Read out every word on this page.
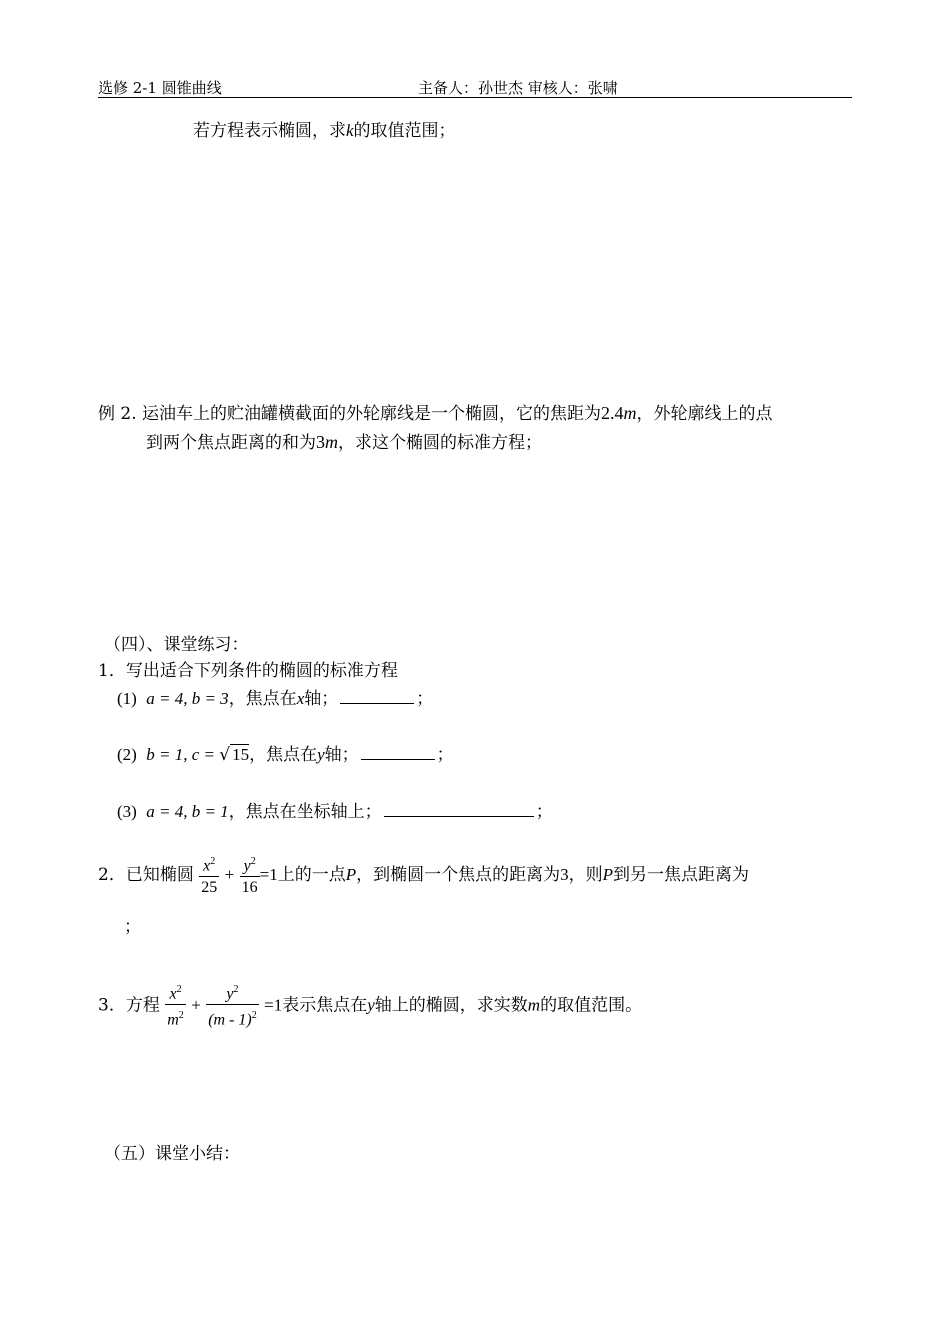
选修 2-1 圆锥曲线	主备人：孙世杰 审核人：张啸
若方程表示椭圆，求k的取值范围；
例 2. 运油车上的贮油罐横截面的外轮廓线是一个椭圆，它的焦距为2.4m，外轮廓线上的点
到两个焦点距离的和为3m，求这个椭圆的标准方程；
（四）、课堂练习：
1．写出适合下列条件的椭圆的标准方程
(1) a = 4, b = 3，焦点在x轴；	；
(2) b = 1, c = √ 15，焦点在y轴；	；
(3) a = 4, b = 1，焦点在坐标轴上；	；
2．已知椭圆 $\frac{x^2}{25} + \frac{y^2}{16} =1$上的一点P，到椭圆一个焦点的距离为3，则P到另一焦点距离为
；
3．方程 $\frac{x^2}{m^2} + \frac{y^2}{(m - 1)^2} =1$表示焦点在y轴上的椭圆，求实数m的取值范围。
（五）课堂小结：
